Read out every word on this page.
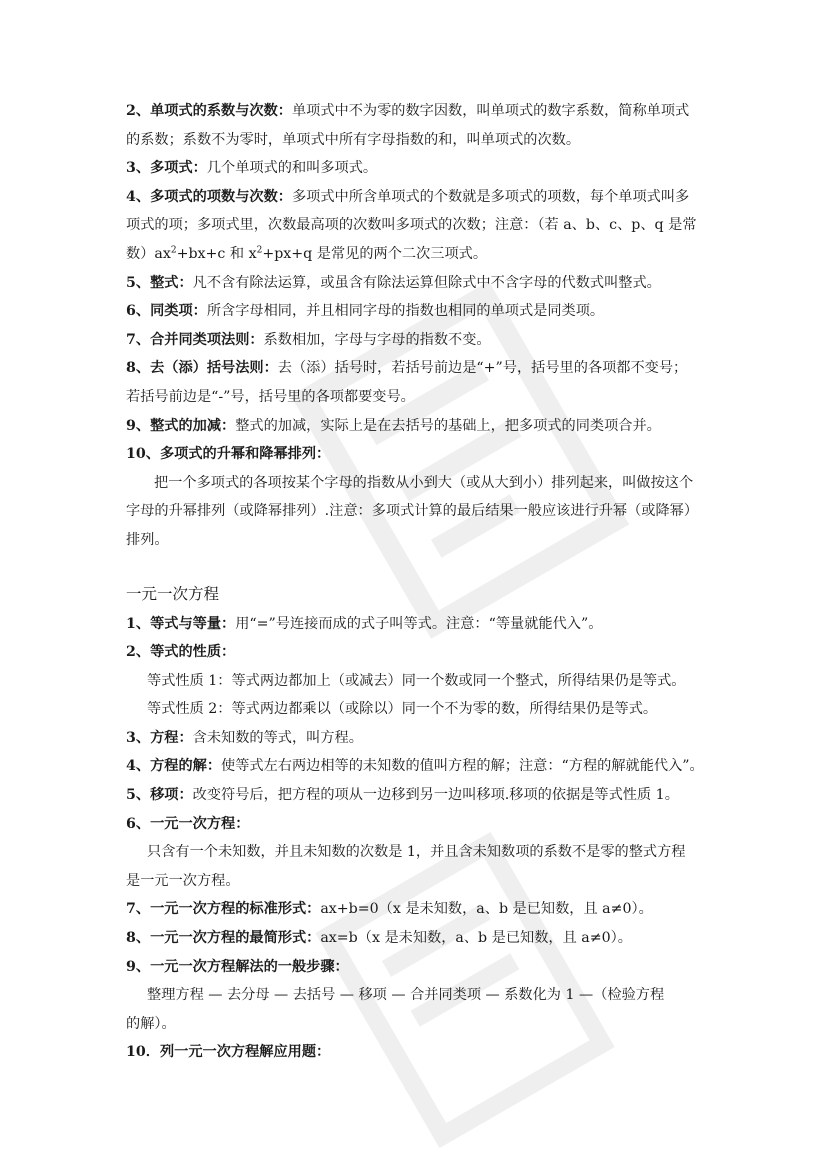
2、单项式的系数与次数：单项式中不为零的数字因数，叫单项式的数字系数，简称单项式
的系数；系数不为零时，单项式中所有字母指数的和，叫单项式的次数。
3、多项式：几个单项式的和叫多项式。
4、多项式的项数与次数：多项式中所含单项式的个数就是多项式的项数，每个单项式叫多
项式的项；多项式里，次数最高项的次数叫多项式的次数；注意：（若 a、b、c、p、q 是常
数）$ax^2+bx+c$ 和 $x^2+px+q$ 是常见的两个二次三项式。
5、整式：凡不含有除法运算，或虽含有除法运算但除式中不含字母的代数式叫整式。
6、同类项：所含字母相同，并且相同字母的指数也相同的单项式是同类项。
7、合并同类项法则：系数相加，字母与字母的指数不变。
8、去（添）括号法则：去（添）括号时，若括号前边是“+”号，括号里的各项都不变号；
若括号前边是“-”号，括号里的各项都要变号。
9、整式的加减：整式的加减，实际上是在去括号的基础上，把多项式的同类项合并。
10、多项式的升幂和降幂排列：
把一个多项式的各项按某个字母的指数从小到大（或从大到小）排列起来，叫做按这个
字母的升幂排列（或降幂排列）.注意：多项式计算的最后结果一般应该进行升幂（或降幂）
排列。
一元一次方程
1、等式与等量：用“=”号连接而成的式子叫等式。注意：“等量就能代入”。
2、等式的性质：
等式性质 1：等式两边都加上（或减去）同一个数或同一个整式，所得结果仍是等式。
等式性质 2：等式两边都乘以（或除以）同一个不为零的数，所得结果仍是等式。
3、方程：含未知数的等式，叫方程。
4、方程的解：使等式左右两边相等的未知数的值叫方程的解；注意：“方程的解就能代入”。
5、移项：改变符号后，把方程的项从一边移到另一边叫移项.移项的依据是等式性质 1。
6、一元一次方程：
只含有一个未知数，并且未知数的次数是 1，并且含未知数项的系数不是零的整式方程
是一元一次方程。
7、一元一次方程的标准形式：ax+b=0（x 是未知数，a、b 是已知数，且 a≠0）。
8、一元一次方程的最简形式：ax=b（x 是未知数，a、b 是已知数，且 a≠0）。
9、一元一次方程解法的一般步骤：
整理方程 — 去分母 — 去括号 — 移项 — 合并同类项 — 系数化为 1 —（检验方程
的解）。
10．列一元一次方程解应用题：
